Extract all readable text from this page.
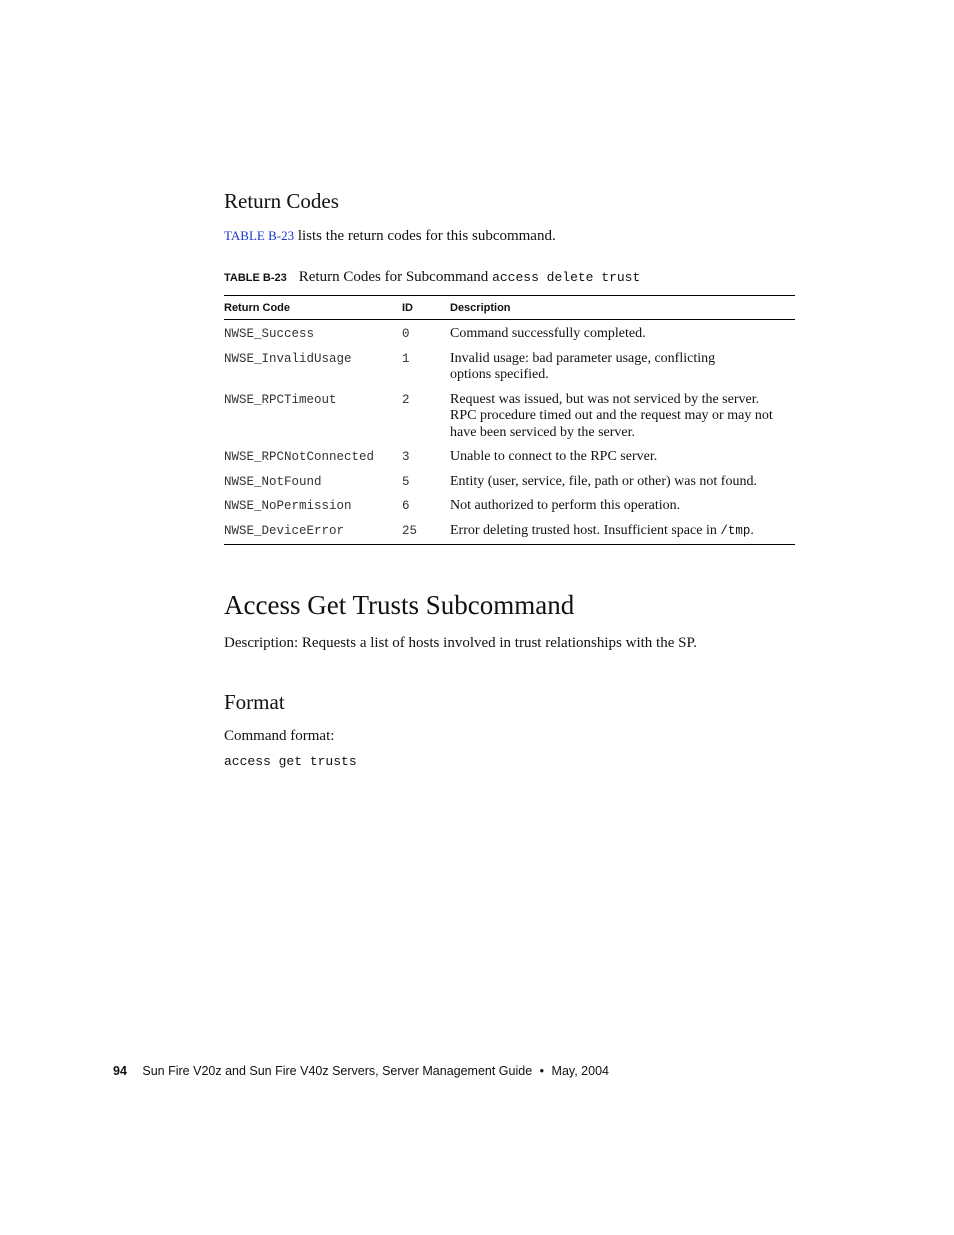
Return Codes
TABLE B-23 lists the return codes for this subcommand.
TABLE B-23 Return Codes for Subcommand access delete trust
Return Code	ID	Description
NWSE_Success	0	Command successfully completed.
NWSE_InvalidUsage	1	Invalid usage: bad parameter usage, conflicting options specified.
NWSE_RPCTimeout	2	Request was issued, but was not serviced by the server. RPC procedure timed out and the request may or may not have been serviced by the server.
NWSE_RPCNotConnected	3	Unable to connect to the RPC server.
NWSE_NotFound	5	Entity (user, service, file, path or other) was not found.
NWSE_NoPermission	6	Not authorized to perform this operation.
NWSE_DeviceError	25	Error deleting trusted host. Insufficient space in /tmp.
Access Get Trusts Subcommand
Description: Requests a list of hosts involved in trust relationships with the SP.
Format
Command format:
access get trusts
94 Sun Fire V20z and Sun Fire V40z Servers, Server Management Guide • May, 2004
